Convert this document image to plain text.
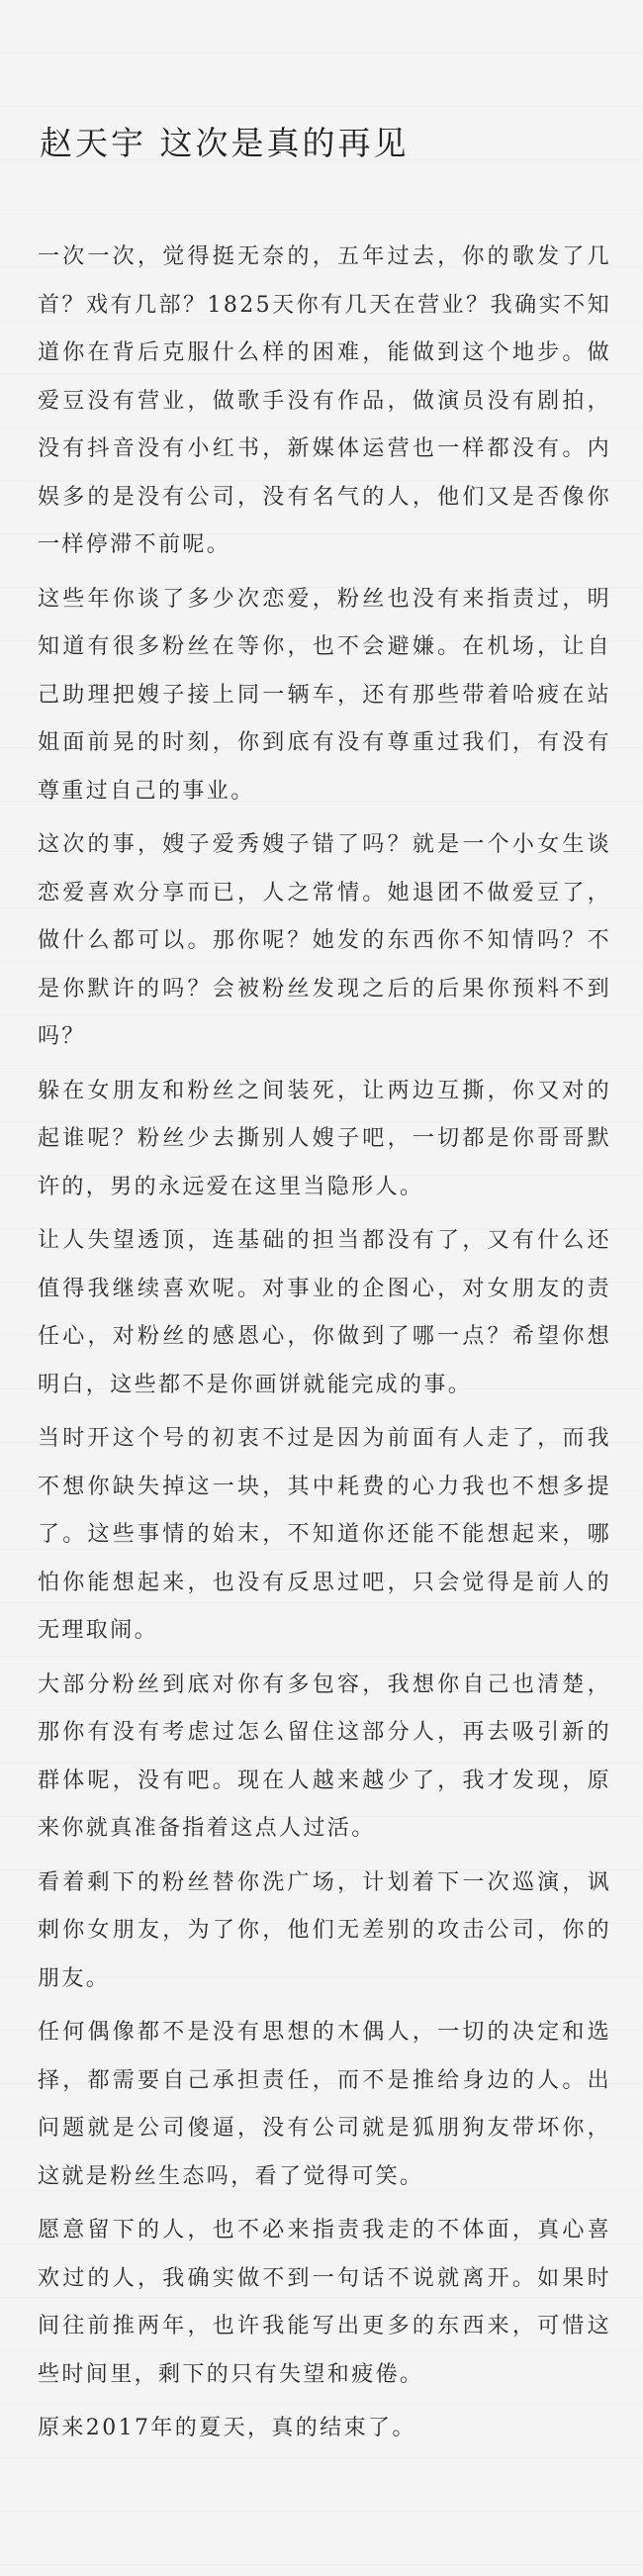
赵天宇 这次是真的再见

一次一次，觉得挺无奈的，五年过去，你的歌发了几首？戏有几部？1825天你有几天在营业？我确实不知道你在背后克服什么样的困难，能做到这个地步。做爱豆没有营业，做歌手没有作品，做演员没有剧拍，没有抖音没有小红书，新媒体运营也一样都没有。内娱多的是没有公司，没有名气的人，他们又是否像你一样停滞不前呢。

这些年你谈了多少次恋爱，粉丝也没有来指责过，明知道有很多粉丝在等你，也不会避嫌。在机场，让自己助理把嫂子接上同一辆车，还有那些带着哈疲在站姐面前晃的时刻，你到底有没有尊重过我们，有没有尊重过自己的事业。

这次的事，嫂子爱秀嫂子错了吗？就是一个小女生谈恋爱喜欢分享而已，人之常情。她退团不做爱豆了，做什么都可以。那你呢？她发的东西你不知情吗？不是你默许的吗？会被粉丝发现之后的后果你预料不到吗？

躲在女朋友和粉丝之间装死，让两边互撕，你又对的起谁呢？粉丝少去撕别人嫂子吧，一切都是你哥哥默许的，男的永远爱在这里当隐形人。

让人失望透顶，连基础的担当都没有了，又有什么还值得我继续喜欢呢。对事业的企图心，对女朋友的责任心，对粉丝的感恩心，你做到了哪一点？希望你想明白，这些都不是你画饼就能完成的事。

当时开这个号的初衷不过是因为前面有人走了，而我不想你缺失掉这一块，其中耗费的心力我也不想多提了。这些事情的始末，不知道你还能不能想起来，哪怕你能想起来，也没有反思过吧，只会觉得是前人的无理取闹。

大部分粉丝到底对你有多包容，我想你自己也清楚，那你有没有考虑过怎么留住这部分人，再去吸引新的群体呢，没有吧。现在人越来越少了，我才发现，原来你就真准备指着这点人过活。

看着剩下的粉丝替你洗广场，计划着下一次巡演，讽刺你女朋友，为了你，他们无差别的攻击公司，你的朋友。

任何偶像都不是没有思想的木偶人，一切的决定和选择，都需要自己承担责任，而不是推给身边的人。出问题就是公司傻逼，没有公司就是狐朋狗友带坏你，这就是粉丝生态吗，看了觉得可笑。

愿意留下的人，也不必来指责我走的不体面，真心喜欢过的人，我确实做不到一句话不说就离开。如果时间往前推两年，也许我能写出更多的东西来，可惜这些时间里，剩下的只有失望和疲倦。

原来2017年的夏天，真的结束了。
